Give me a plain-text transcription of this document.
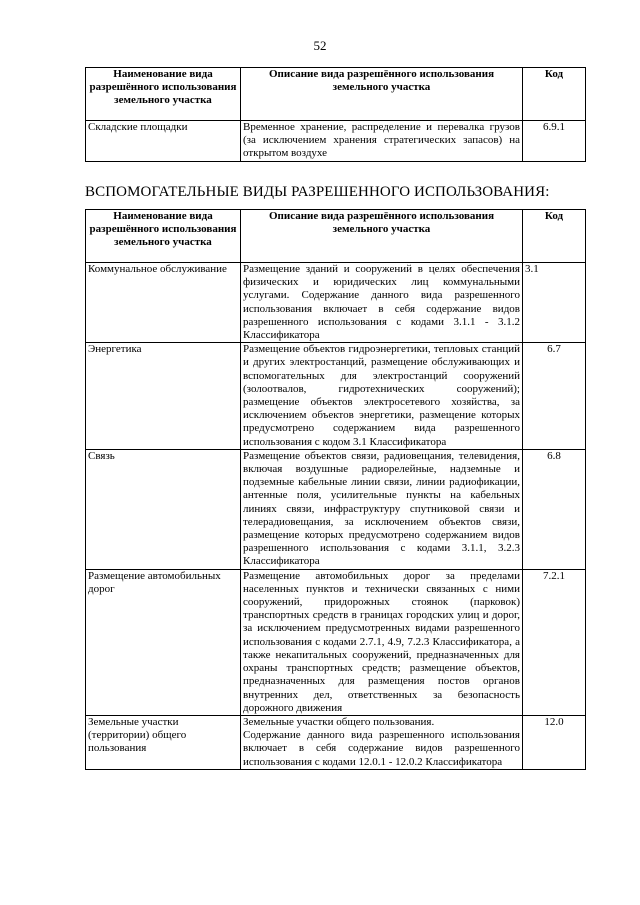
52
Наименование вида разрешённого использования земельного участка	Описание вида разрешённого использования земельного участка	Код
Складские площадки	Временное хранение, распределение и перевалка грузов (за исключением хранения стратегических запасов) на открытом воздухе	6.9.1
ВСПОМОГАТЕЛЬНЫЕ ВИДЫ РАЗРЕШЕННОГО ИСПОЛЬЗОВАНИЯ:
Наименование вида разрешённого использования земельного участка	Описание вида разрешённого использования земельного участка	Код
Коммунальное обслуживание	Размещение зданий и сооружений в целях обеспечения физических и юридических лиц коммунальными услугами. Содержание данного вида разрешенного использования включает в себя содержание видов разрешенного использования с кодами 3.1.1 - 3.1.2 Классификатора	3.1
Энергетика	Размещение объектов гидроэнергетики, тепловых станций и других электростанций, размещение обслуживающих и вспомогательных для электростанций сооружений (золоотвалов, гидротехнических сооружений); размещение объектов электросетевого хозяйства, за исключением объектов энергетики, размещение которых предусмотрено содержанием вида разрешенного использования с кодом 3.1 Классификатора	6.7
Связь	Размещение объектов связи, радиовещания, телевидения, включая воздушные радиорелейные, надземные и подземные кабельные линии связи, линии радиофикации, антенные поля, усилительные пункты на кабельных линиях связи, инфраструктуру спутниковой связи и телерадиовещания, за исключением объектов связи, размещение которых предусмотрено содержанием видов разрешенного использования с кодами 3.1.1, 3.2.3 Классификатора	6.8
Размещение автомобильных дорог	Размещение автомобильных дорог за пределами населенных пунктов и технически связанных с ними сооружений, придорожных стоянок (парковок) транспортных средств в границах городских улиц и дорог, за исключением предусмотренных видами разрешенного использования с кодами 2.7.1, 4.9, 7.2.3 Классификатора, а также некапитальных сооружений, предназначенных для охраны транспортных средств; размещение объектов, предназначенных для размещения постов органов внутренних дел, ответственных за безопасность дорожного движения	7.2.1
Земельные участки (территории) общего пользования	Земельные участки общего пользования.
Содержание данного вида разрешенного использования включает в себя содержание видов разрешенного использования с кодами 12.0.1 - 12.0.2 Классификатора	12.0
